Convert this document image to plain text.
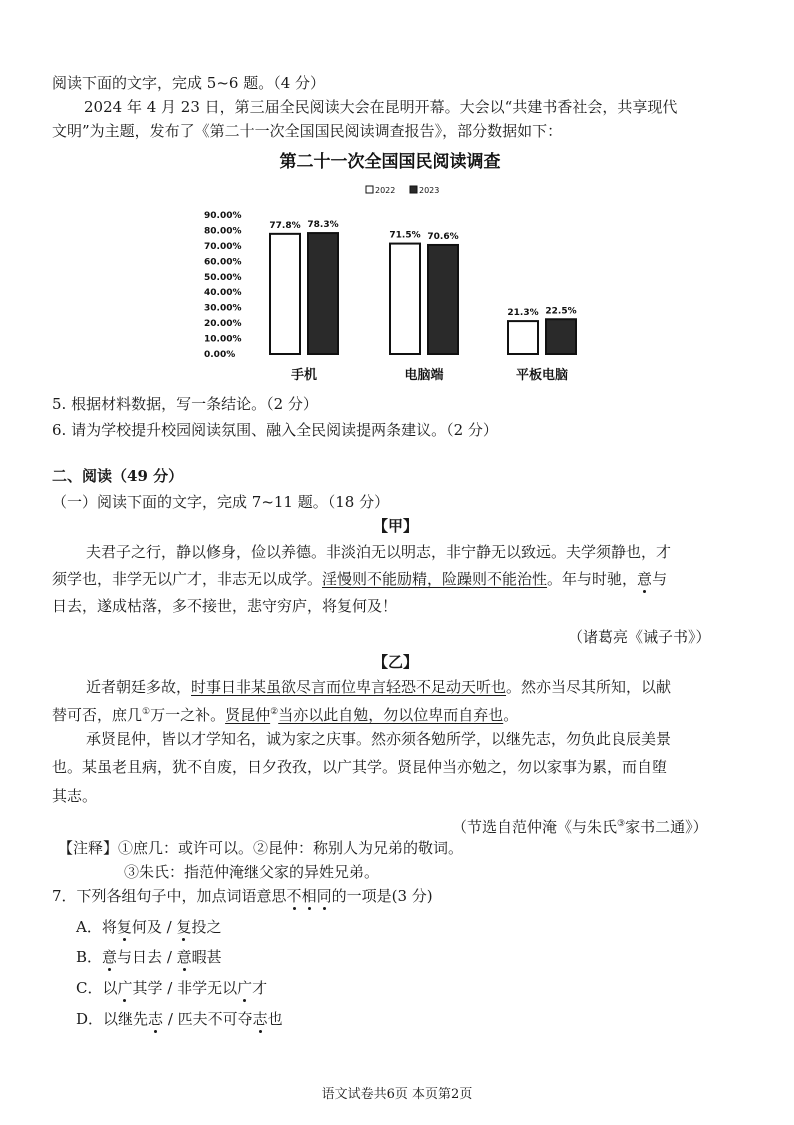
阅读下面的文字，完成 5~6 题。（4 分）
2024 年 4 月 23 日，第三届全民阅读大会在昆明开幕。大会以“共建书香社会，共享现代
文明”为主题，发布了《第二十一次全国国民阅读调查报告》，部分数据如下：
第二十一次全国国民阅读调查
2022	2023
90.00%
80.00%
70.00%
60.00%
50.00%
40.00%
30.00%
20.00%
10.00%
0.00%
77.8% 78.3%
手机
71.5% 70.6%
电脑端
21.3% 22.5%
平板电脑
5. 根据材料数据，写一条结论。（2 分）
6. 请为学校提升校园阅读氛围、融入全民阅读提两条建议。（2 分）
二、阅读（49 分）
（一）阅读下面的文字，完成 7~11 题。（18 分）
【甲】
夫君子之行，静以修身，俭以养德。非淡泊无以明志，非宁静无以致远。夫学须静也，才
须学也，非学无以广才，非志无以成学。淫慢则不能励精，险躁则不能治性。年与时驰，意与
日去，遂成枯落，多不接世，悲守穷庐，将复何及！
（诸葛亮《诫子书》）
【乙】
近者朝廷多故，时事日非某虽欲尽言而位卑言轻恐不足动天听也。然亦当尽其所知，以献
替可否，庶几①万一之补。贤昆仲②当亦以此自勉，勿以位卑而自弃也。
承贤昆仲，皆以才学知名，诚为家之庆事。然亦须各勉所学，以继先志，勿负此良辰美景
也。某虽老且病，犹不自废，日夕孜孜，以广其学。贤昆仲当亦勉之，勿以家事为累，而自堕
其志。
（节选自范仲淹《与朱氏③家书二通》）
【注释】①庶几：或许可以。②昆仲：称别人为兄弟的敬词。
③朱氏：指范仲淹继父家的异姓兄弟。
7．下列各组句子中，加点词语意思不相同的一项是(3 分)
A．将复何及 / 复投之
B．意与日去 / 意暇甚
C．以广其学 / 非学无以广才
D．以继先志 / 匹夫不可夺志也
语文试卷共6页 本页第2页
